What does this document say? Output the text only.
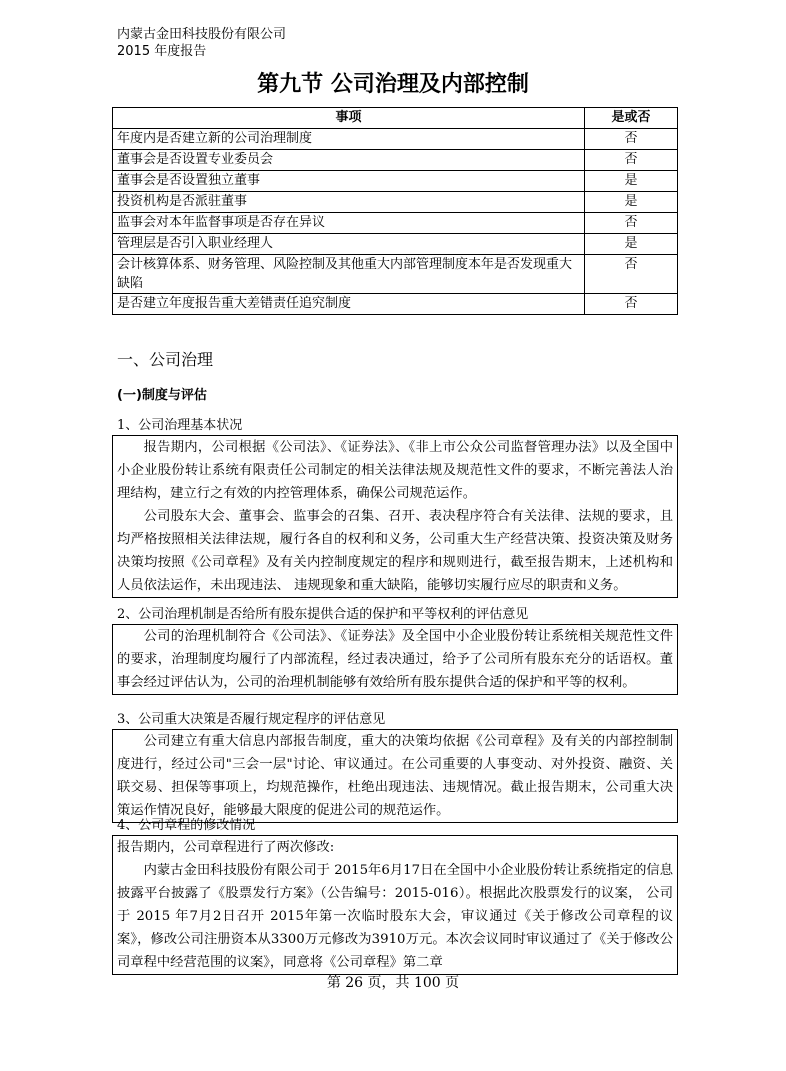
内蒙古金田科技股份有限公司
2015 年度报告
第九节 公司治理及内部控制
事项	是或否
年度内是否建立新的公司治理制度	否
董事会是否设置专业委员会	否
董事会是否设置独立董事	是
投资机构是否派驻董事	是
监事会对本年监督事项是否存在异议	否
管理层是否引入职业经理人	是
会计核算体系、财务管理、风险控制及其他重大内部管理制度本年是否发现重大缺陷	否
是否建立年度报告重大差错责任追究制度	否
一、公司治理
(一)制度与评估
1、公司治理基本状况

报告期内，公司根据《公司法》、《证券法》、《非上市公众公司监督管理办法》以及全国中小企业股份转让系统有限责任公司制定的相关法律法规及规范性文件的要求，不断完善法人治理结构，建立行之有效的内控管理体系，确保公司规范运作。

公司股东大会、董事会、监事会的召集、召开、表决程序符合有关法律、法规的要求，且均严格按照相关法律法规，履行各自的权利和义务，公司重大生产经营决策、投资决策及财务决策均按照《公司章程》及有关内控制度规定的程序和规则进行，截至报告期末，上述机构和人员依法运作，未出现违法、 违规现象和重大缺陷，能够切实履行应尽的职责和义务。

2、公司治理机制是否给所有股东提供合适的保护和平等权利的评估意见

公司的治理机制符合《公司法》、《证券法》及全国中小企业股份转让系统相关规范性文件的要求，治理制度均履行了内部流程，经过表决通过，给予了公司所有股东充分的话语权。董事会经过评估认为，公司的治理机制能够有效给所有股东提供合适的保护和平等的权利。

3、公司重大决策是否履行规定程序的评估意见

公司建立有重大信息内部报告制度，重大的决策均依据《公司章程》及有关的内部控制制度进行，经过公司"三会一层"讨论、审议通过。在公司重要的人事变动、对外投资、融资、关联交易、担保等事项上，均规范操作，杜绝出现违法、违规情况。截止报告期末，公司重大决策运作情况良好，能够最大限度的促进公司的规范运作。

4、公司章程的修改情况

报告期内，公司章程进行了两次修改:

内蒙古金田科技股份有限公司于 2015年6月17日在全国中小企业股份转让系统指定的信息披露平台披露了《股票发行方案》（公告编号：2015-016）。根据此次股票发行的议案， 公司于 2015 年7月2日召开 2015年第一次临时股东大会，审议通过《关于修改公司章程的议案》，修改公司注册资本从3300万元修改为3910万元。本次会议同时审议通过了《关于修改公司章程中经营范围的议案》，同意将《公司章程》第二章

第 26 页，共 100 页
